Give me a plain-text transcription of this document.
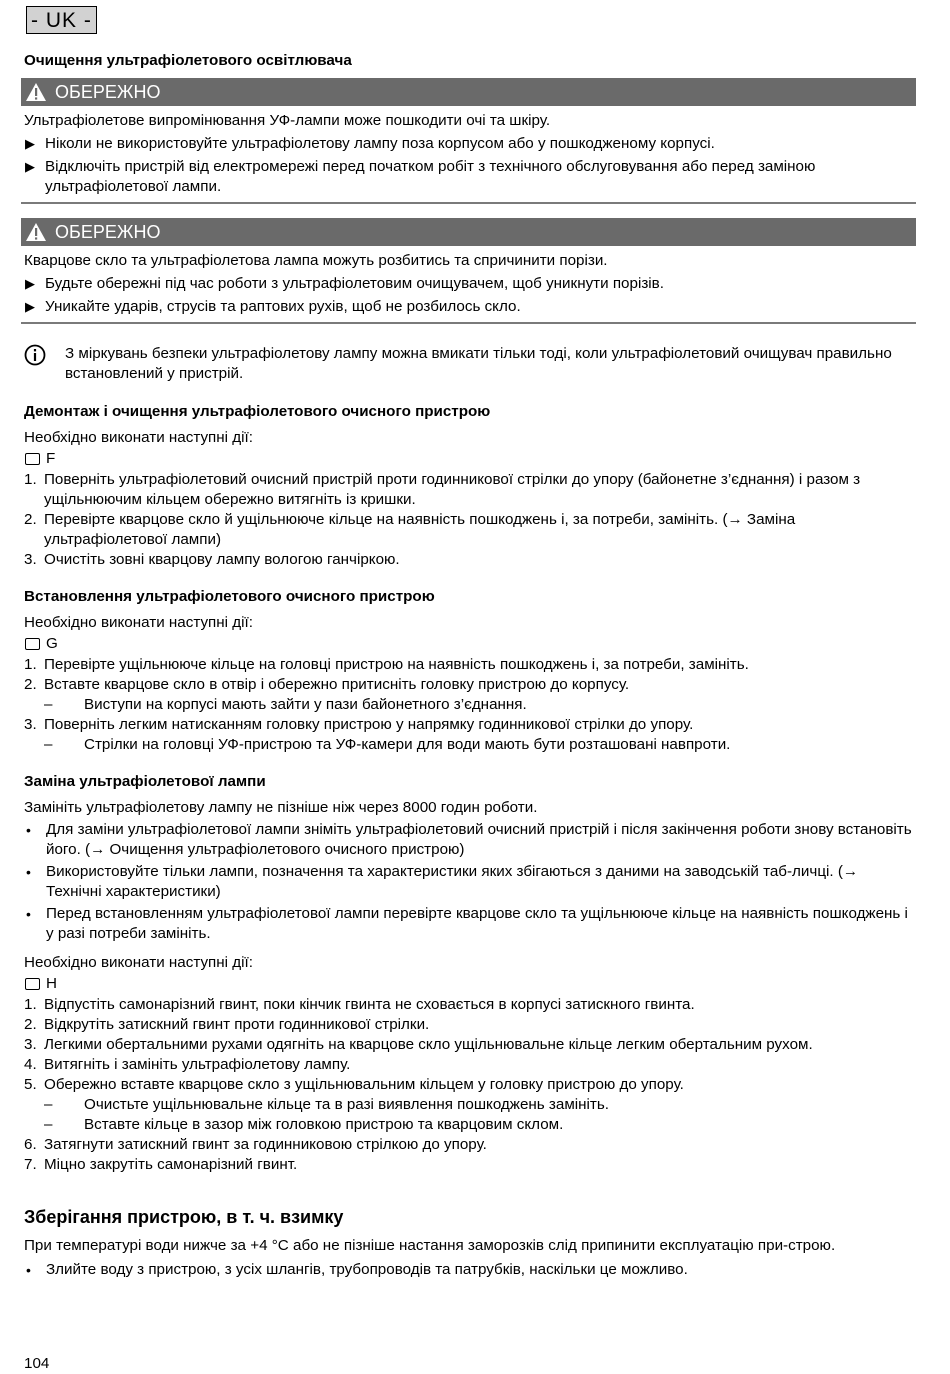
- UK -
Очищення ультрафіолетового освітлювача
ОБЕРЕЖНО

Ультрафіолетове випромінювання УФ-лампи може пошкодити очі та шкіру.

▶ Ніколи не використовуйте ультрафіолетову лампу поза корпусом або у пошкодженому корпусі.
▶ Відключіть пристрій від електромережі перед початком робіт з технічного обслуговування або перед заміною ультрафіолетової лампи.
ОБЕРЕЖНО

Кварцове скло та ультрафіолетова лампа можуть розбитись та спричинити порізи.

▶ Будьте обережні під час роботи з ультрафіолетовим очищувачем, щоб уникнути порізів.
▶ Уникайте ударів, струсів та раптових рухів, щоб не розбилось скло.

З міркувань безпеки ультрафіолетову лампу можна вмикати тільки тоді, коли ультрафіолетовий очищувач правильно встановлений у пристрій.

Демонтаж і очищення ультрафіолетового очисного пристрою

Необхідно виконати наступні дії:

F
1. Поверніть ультрафіолетовий очисний пристрій проти годинникової стрілки до упору (байонетне з’єднання) і разом з ущільнюючим кільцем обережно витягніть із кришки.
2. Перевірте кварцове скло й ущільнююче кільце на наявність пошкоджень і, за потреби, замініть. (→ Заміна ультрафіолетової лампи)
3. Очистіть зовні кварцову лампу вологою ганчіркою.
Встановлення ультрафіолетового очисного пристрою

Необхідно виконати наступні дії:

G
1. Перевірте ущільнююче кільце на головці пристрою на наявність пошкоджень і, за потреби, замініть.
2. Вставте кварцове скло в отвір і обережно притисніть головку пристрою до корпусу.
–	Виступи на корпусі мають зайти у пази байонетного з’єднання.
3. Поверніть легким натисканням головку пристрою у напрямку годинникової стрілки до упору.
–	Стрілки на головці УФ-пристрою та УФ-камери для води мають бути розташовані навпроти.
Заміна ультрафіолетової лампи

Замініть ультрафіолетову лампу не пізніше ніж через 8000 годин роботи.

• Для заміни ультрафіолетової лампи зніміть ультрафіолетовий очисний пристрій і після закінчення роботи знову встановіть його. (→ Очищення ультрафіолетового очисного пристрою)
• Використовуйте тільки лампи, позначення та характеристики яких збігаються з даними на заводській таб-личці. (→ Технічні характеристики)
• Перед встановленням ультрафіолетової лампи перевірте кварцове скло та ущільнююче кільце на наявність пошкоджень і у разі потреби замініть.

Необхідно виконати наступні дії:

H
1. Відпустіть самонарізний гвинт, поки кінчик гвинта не сховається в корпусі затискного гвинта.
2. Відкрутіть затискний гвинт проти годинникової стрілки.
3. Легкими обертальними рухами одягніть на кварцове скло ущільнювальне кільце легким обертальним рухом.
4. Витягніть і замініть ультрафіолетову лампу.
5. Обережно вставте кварцове скло з ущільнювальним кільцем у головку пристрою до упору.
–	Очистьте ущільнювальне кільце та в разі виявлення пошкоджень замініть.
–	Вставте кільце в зазор між головкою пристрою та кварцовим склом.
6. Затягнути затискний гвинт за годинниковою стрілкою до упору.
7. Міцно закрутіть самонарізний гвинт.
Зберігання пристрою, в т. ч. взимку

При температурі води нижче за +4 °C або не пізніше настання заморозків слід припинити експлуатацію при-строю.

• Злийте воду з пристрою, з усіх шлангів, трубопроводів та патрубків, наскільки це можливо.
104
